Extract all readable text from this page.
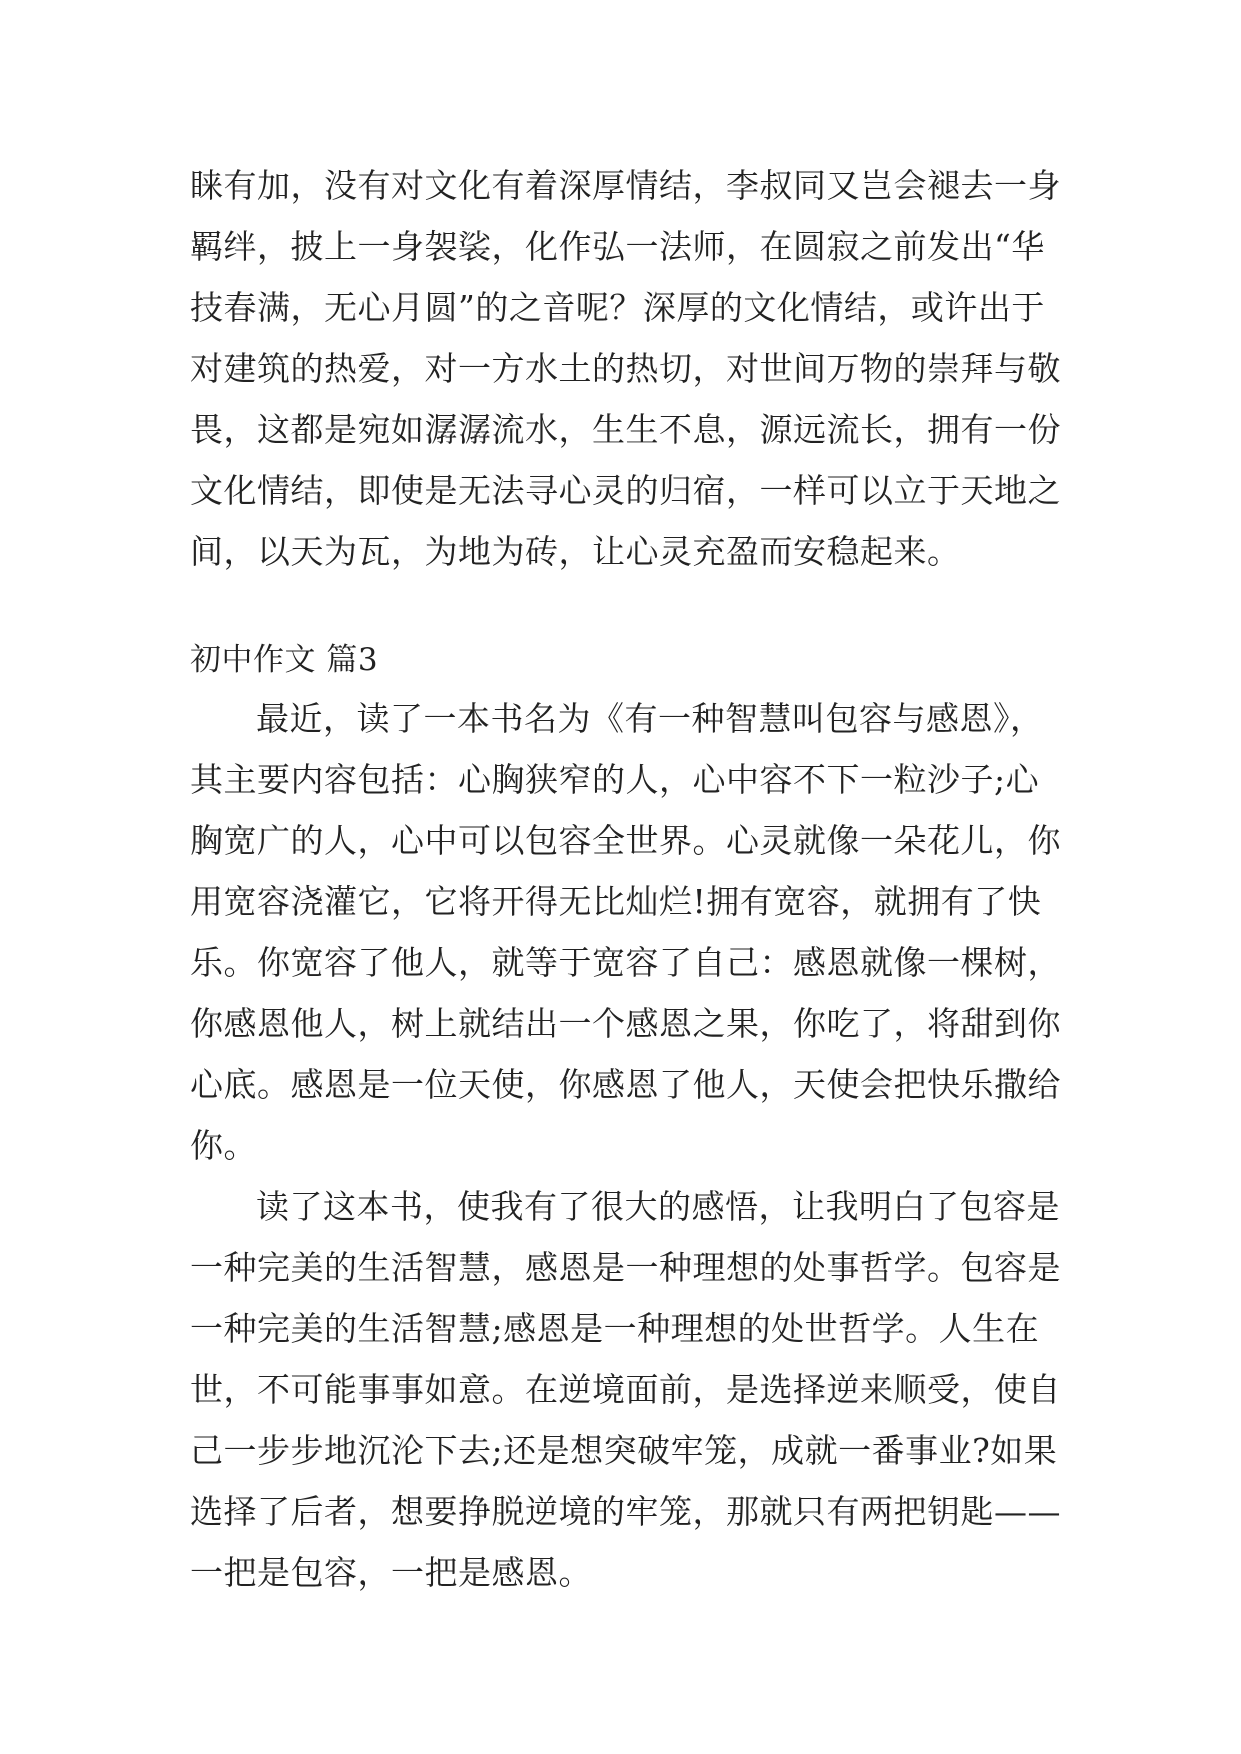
睐有加，没有对文化有着深厚情结，李叔同又岂会褪去一身
羁绊，披上一身袈裟，化作弘一法师，在圆寂之前发出“华
技春满，无心月圆”的之音呢？深厚的文化情结，或许出于
对建筑的热爱，对一方水土的热切，对世间万物的崇拜与敬
畏，这都是宛如潺潺流水，生生不息，源远流长，拥有一份
文化情结，即使是无法寻心灵的归宿，一样可以立于天地之
间，以天为瓦，为地为砖，让心灵充盈而安稳起来。
初中作文 篇3
最近，读了一本书名为《有一种智慧叫包容与感恩》，
其主要内容包括：心胸狭窄的人，心中容不下一粒沙子;心
胸宽广的人，心中可以包容全世界。心灵就像一朵花儿，你
用宽容浇灌它，它将开得无比灿烂!拥有宽容，就拥有了快
乐。你宽容了他人，就等于宽容了自己：感恩就像一棵树，
你感恩他人，树上就结出一个感恩之果，你吃了，将甜到你
心底。感恩是一位天使，你感恩了他人，天使会把快乐撒给
你。
读了这本书，使我有了很大的感悟，让我明白了包容是
一种完美的生活智慧，感恩是一种理想的处事哲学。包容是
一种完美的生活智慧;感恩是一种理想的处世哲学。人生在
世，不可能事事如意。在逆境面前，是选择逆来顺受，使自
己一步步地沉沦下去;还是想突破牢笼，成就一番事业?如果
选择了后者，想要挣脱逆境的牢笼，那就只有两把钥匙——
一把是包容，一把是感恩。
